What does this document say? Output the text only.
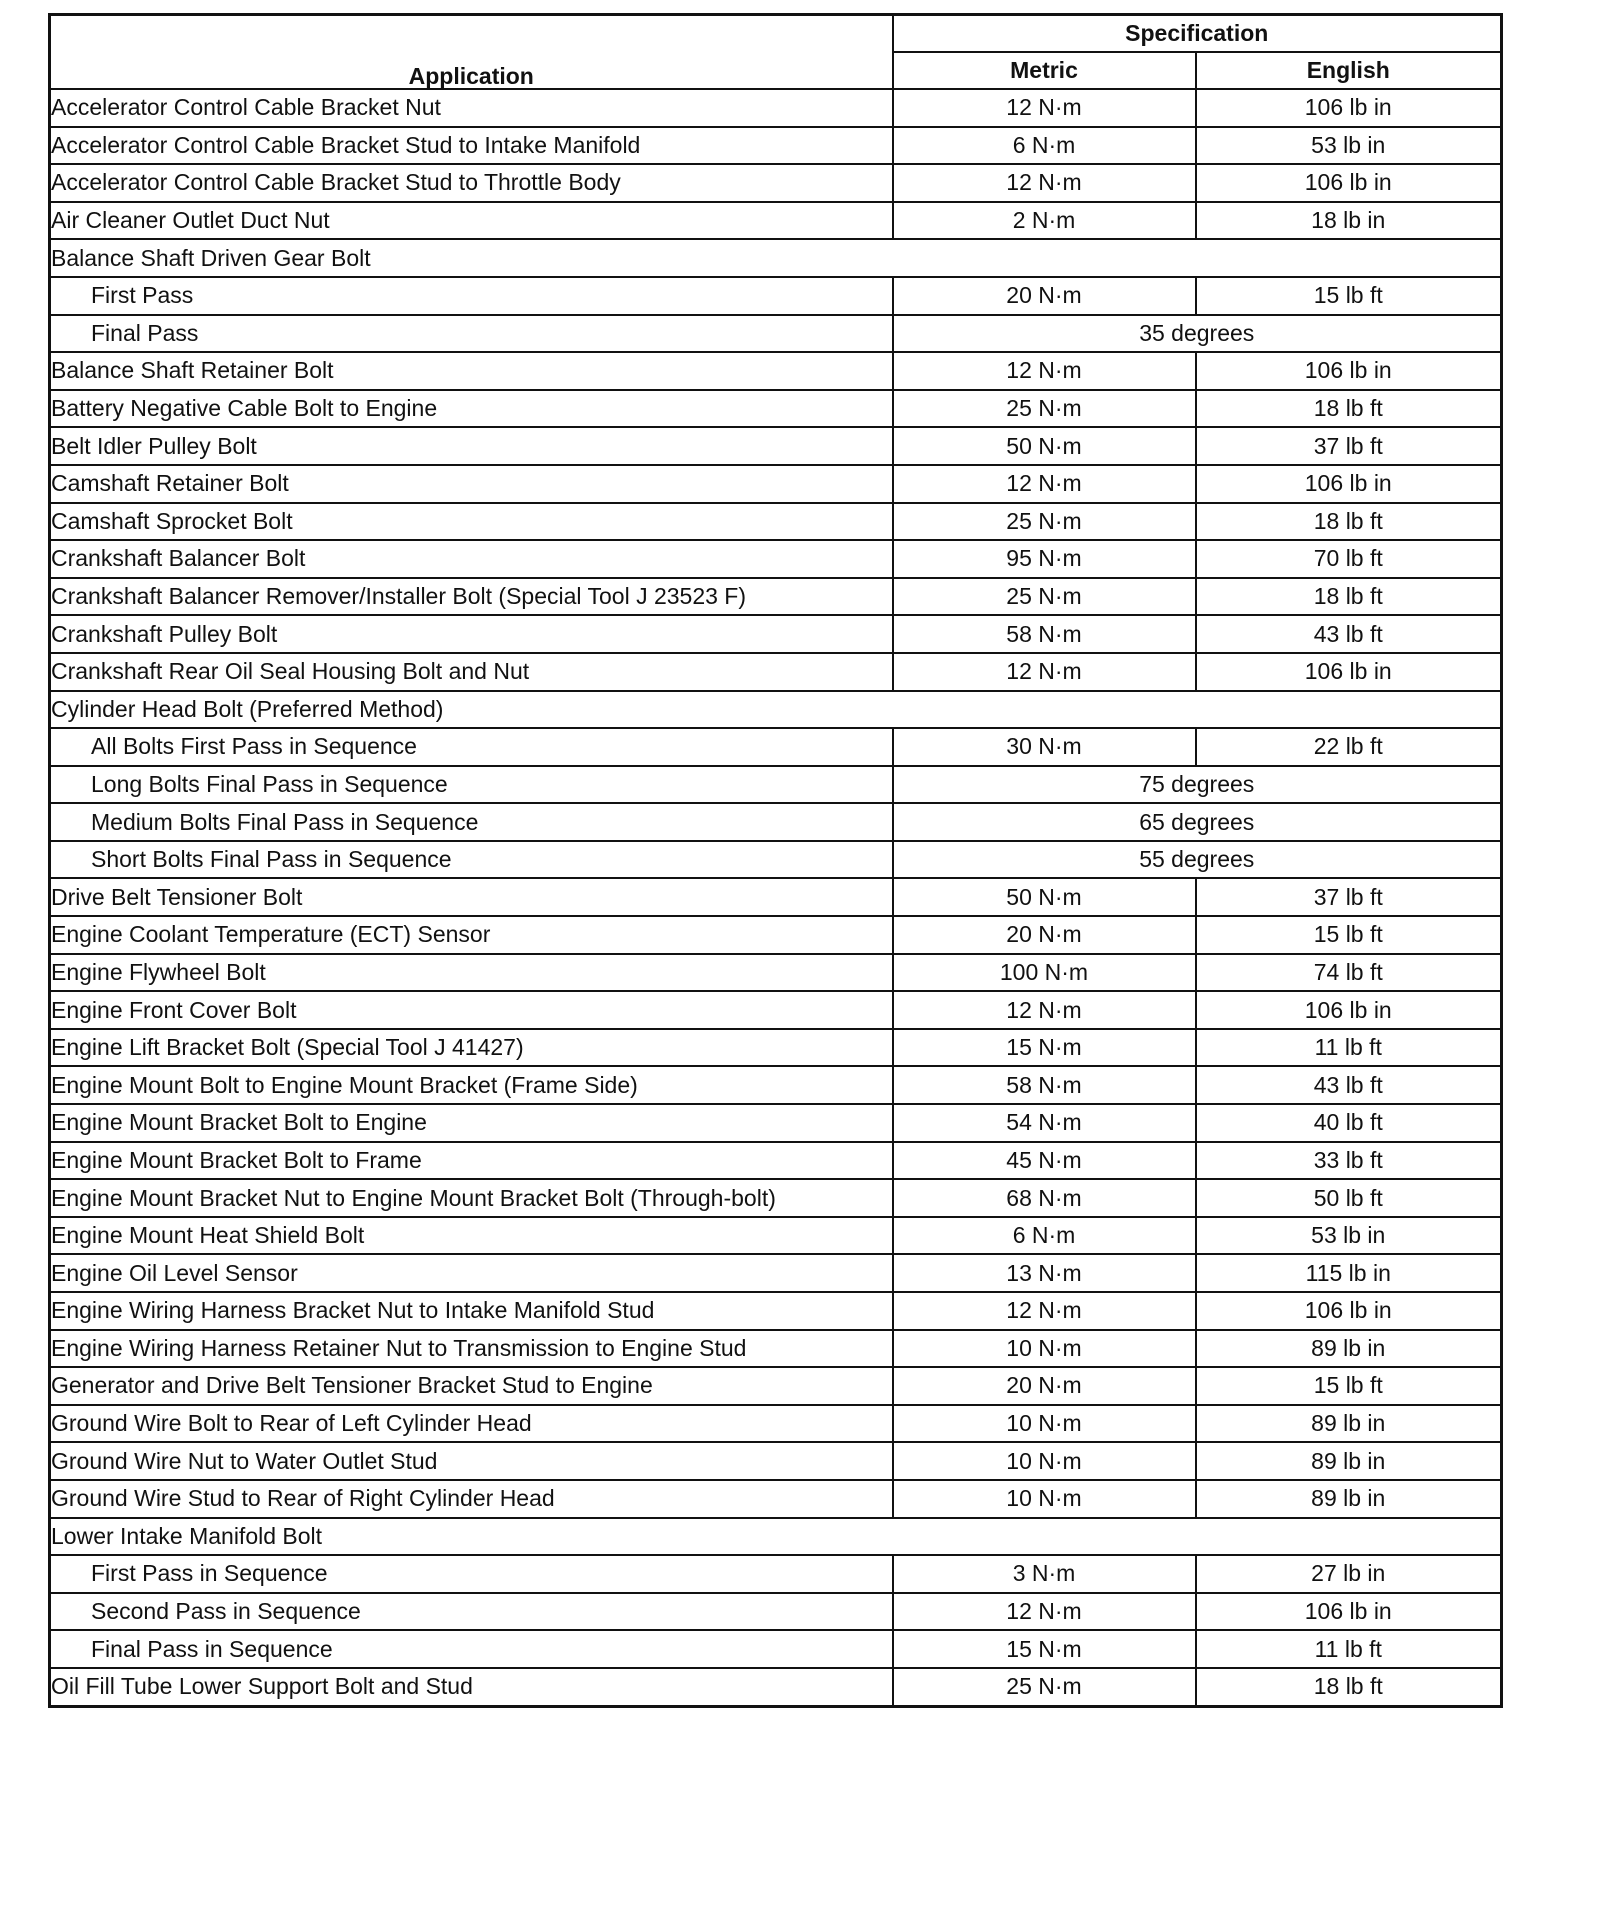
Application	Specification	
	Metric	English
Accelerator Control Cable Bracket Nut	12 N·m	106 lb in
Accelerator Control Cable Bracket Stud to Intake Manifold	6 N·m	53 lb in
Accelerator Control Cable Bracket Stud to Throttle Body	12 N·m	106 lb in
Air Cleaner Outlet Duct Nut	2 N·m	18 lb in
Balance Shaft Driven Gear Bolt		
First Pass	20 N·m	15 lb ft
Final Pass	35 degrees	
Balance Shaft Retainer Bolt	12 N·m	106 lb in
Battery Negative Cable Bolt to Engine	25 N·m	18 lb ft
Belt Idler Pulley Bolt	50 N·m	37 lb ft
Camshaft Retainer Bolt	12 N·m	106 lb in
Camshaft Sprocket Bolt	25 N·m	18 lb ft
Crankshaft Balancer Bolt	95 N·m	70 lb ft
Crankshaft Balancer Remover/Installer Bolt (Special Tool J 23523 F)	25 N·m	18 lb ft
Crankshaft Pulley Bolt	58 N·m	43 lb ft
Crankshaft Rear Oil Seal Housing Bolt and Nut	12 N·m	106 lb in
Cylinder Head Bolt (Preferred Method)		
All Bolts First Pass in Sequence	30 N·m	22 lb ft
Long Bolts Final Pass in Sequence	75 degrees	
Medium Bolts Final Pass in Sequence	65 degrees	
Short Bolts Final Pass in Sequence	55 degrees	
Drive Belt Tensioner Bolt	50 N·m	37 lb ft
Engine Coolant Temperature (ECT) Sensor	20 N·m	15 lb ft
Engine Flywheel Bolt	100 N·m	74 lb ft
Engine Front Cover Bolt	12 N·m	106 lb in
Engine Lift Bracket Bolt (Special Tool J 41427)	15 N·m	11 lb ft
Engine Mount Bolt to Engine Mount Bracket (Frame Side)	58 N·m	43 lb ft
Engine Mount Bracket Bolt to Engine	54 N·m	40 lb ft
Engine Mount Bracket Bolt to Frame	45 N·m	33 lb ft
Engine Mount Bracket Nut to Engine Mount Bracket Bolt (Through-bolt)	68 N·m	50 lb ft
Engine Mount Heat Shield Bolt	6 N·m	53 lb in
Engine Oil Level Sensor	13 N·m	115 lb in
Engine Wiring Harness Bracket Nut to Intake Manifold Stud	12 N·m	106 lb in
Engine Wiring Harness Retainer Nut to Transmission to Engine Stud	10 N·m	89 lb in
Generator and Drive Belt Tensioner Bracket Stud to Engine	20 N·m	15 lb ft
Ground Wire Bolt to Rear of Left Cylinder Head	10 N·m	89 lb in
Ground Wire Nut to Water Outlet Stud	10 N·m	89 lb in
Ground Wire Stud to Rear of Right Cylinder Head	10 N·m	89 lb in
Lower Intake Manifold Bolt		
First Pass in Sequence	3 N·m	27 lb in
Second Pass in Sequence	12 N·m	106 lb in
Final Pass in Sequence	15 N·m	11 lb ft
Oil Fill Tube Lower Support Bolt and Stud	25 N·m	18 lb ft
